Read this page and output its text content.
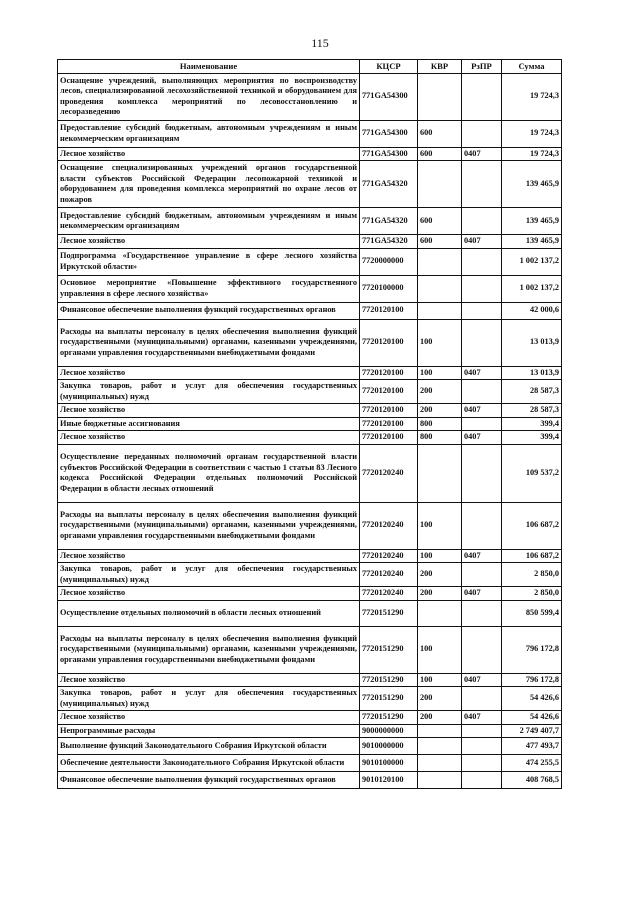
115
Наименование	КЦСР	КВР	РзПР	Сумма
Оснащение учреждений, выполняющих мероприятия по воспроизводству лесов, специализированной лесохозяйственной техникой и оборудованием для проведения комплекса мероприятий по лесовосстановлению и лесоразведению	771GA54300			19 724,3
Предоставление субсидий бюджетным, автономным учреждениям и иным некоммерческим организациям	771GA54300	600		19 724,3
Лесное хозяйство	771GA54300	600	0407	19 724,3
Оснащение специализированных учреждений органов государственной власти субъектов Российской Федерации лесопожарной техникой и оборудованием для проведения комплекса мероприятий по охране лесов от пожаров	771GA54320			139 465,9
Предоставление субсидий бюджетным, автономным учреждениям и иным некоммерческим организациям	771GA54320	600		139 465,9
Лесное хозяйство	771GA54320	600	0407	139 465,9
Подпрограмма «Государственное управление в сфере лесного хозяйства Иркутской области»	7720000000			1 002 137,2
Основное мероприятие «Повышение эффективного государственного управления в сфере лесного хозяйства»	7720100000			1 002 137,2
Финансовое обеспечение выполнения функций государственных органов	7720120100			42 000,6
Расходы на выплаты персоналу в целях обеспечения выполнения функций государственными (муниципальными) органами, казенными учреждениями, органами управления государственными внебюджетными фондами	7720120100	100		13 013,9
Лесное хозяйство	7720120100	100	0407	13 013,9
Закупка товаров, работ и услуг для обеспечения государственных (муниципальных) нужд	7720120100	200		28 587,3
Лесное хозяйство	7720120100	200	0407	28 587,3
Иные бюджетные ассигнования	7720120100	800		399,4
Лесное хозяйство	7720120100	800	0407	399,4
Осуществление переданных полномочий органам государственной власти субъектов Российской Федерации в соответствии с частью 1 статьи 83 Лесного кодекса Российской Федерации отдельных полномочий Российской Федерации в области лесных отношений	7720120240			109 537,2
Расходы на выплаты персоналу в целях обеспечения выполнения функций государственными (муниципальными) органами, казенными учреждениями, органами управления государственными внебюджетными фондами	7720120240	100		106 687,2
Лесное хозяйство	7720120240	100	0407	106 687,2
Закупка товаров, работ и услуг для обеспечения государственных (муниципальных) нужд	7720120240	200		2 850,0
Лесное хозяйство	7720120240	200	0407	2 850,0
Осуществление отдельных полномочий в области лесных отношений	7720151290			850 599,4
Расходы на выплаты персоналу в целях обеспечения выполнения функций государственными (муниципальными) органами, казенными учреждениями, органами управления государственными внебюджетными фондами	7720151290	100		796 172,8
Лесное хозяйство	7720151290	100	0407	796 172,8
Закупка товаров, работ и услуг для обеспечения государственных (муниципальных) нужд	7720151290	200		54 426,6
Лесное хозяйство	7720151290	200	0407	54 426,6
Непрограммные расходы	9000000000			2 749 407,7
Выполнение функций Законодательного Собрания Иркутской области	9010000000			477 493,7
Обеспечение деятельности Законодательного Собрания Иркутской области	9010100000			474 255,5
Финансовое обеспечение выполнения функций государственных органов	9010120100			408 768,5
